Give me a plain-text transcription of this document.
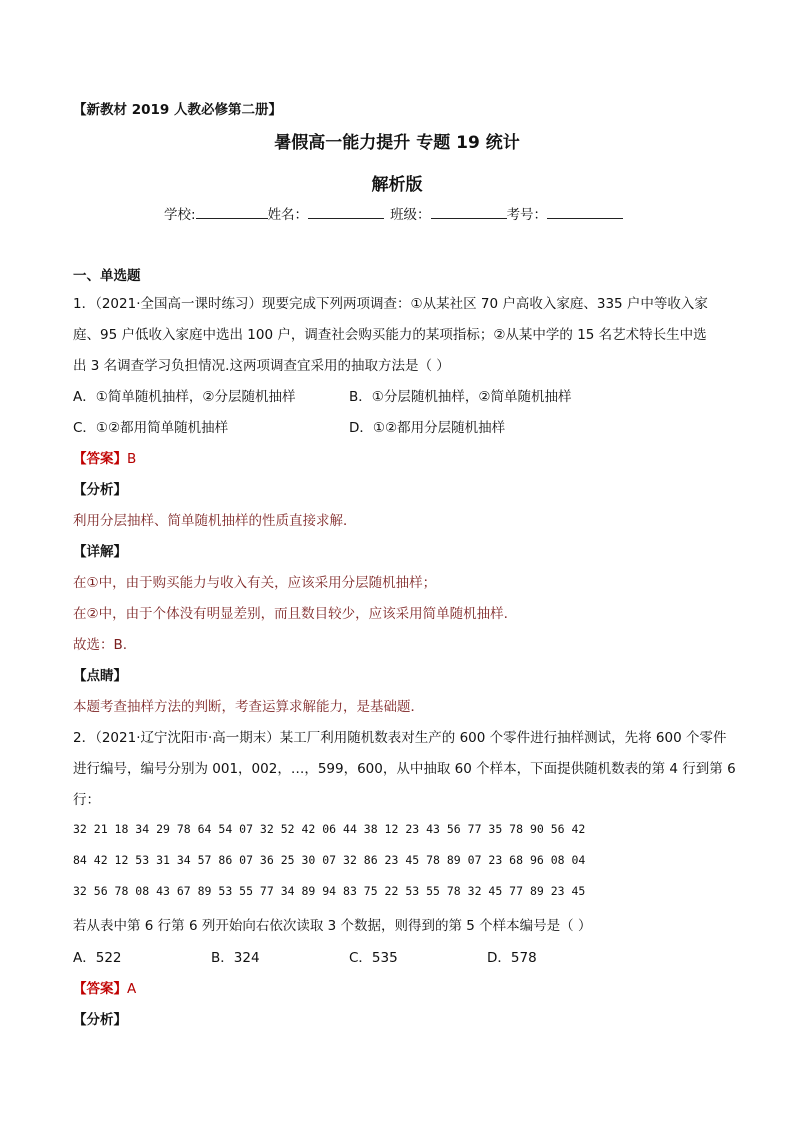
【新教材 2019 人教必修第二册】
暑假高一能力提升 专题 19 统计
解析版
学校:	姓名：	班级：	考号：
一、单选题
1．（2021·全国高一课时练习）现要完成下列两项调查：①从某社区 70 户高收入家庭、335 户中等收入家
庭、95 户低收入家庭中选出 100 户，调查社会购买能力的某项指标；②从某中学的 15 名艺术特长生中选
出 3 名调查学习负担情况.这两项调查宜采用的抽取方法是（ ）
A．①简单随机抽样，②分层随机抽样	B．①分层随机抽样，②简单随机抽样
C．①②都用简单随机抽样	D．①②都用分层随机抽样
【答案】B
【分析】
利用分层抽样、简单随机抽样的性质直接求解．
【详解】
在①中，由于购买能力与收入有关，应该采用分层随机抽样；
在②中，由于个体没有明显差别，而且数目较少，应该采用简单随机抽样.
故选：B.
【点睛】
本题考查抽样方法的判断，考查运算求解能力，是基础题．
2．（2021·辽宁沈阳市·高一期末）某工厂利用随机数表对生产的 600 个零件进行抽样测试，先将 600 个零件
进行编号，编号分别为 001，002，…，599，600，从中抽取 60 个样本，下面提供随机数表的第 4 行到第 6
行：
32 21 18 34 29 78 64 54 07 32 52 42 06 44 38 12 23 43 56 77 35 78 90 56 42
84 42 12 53 31 34 57 86 07 36 25 30 07 32 86 23 45 78 89 07 23 68 96 08 04
32 56 78 08 43 67 89 53 55 77 34 89 94 83 75 22 53 55 78 32 45 77 89 23 45
若从表中第 6 行第 6 列开始向右依次读取 3 个数据，则得到的第 5 个样本编号是（ ）
A．522	B．324	C．535	D．578
【答案】A
【分析】
